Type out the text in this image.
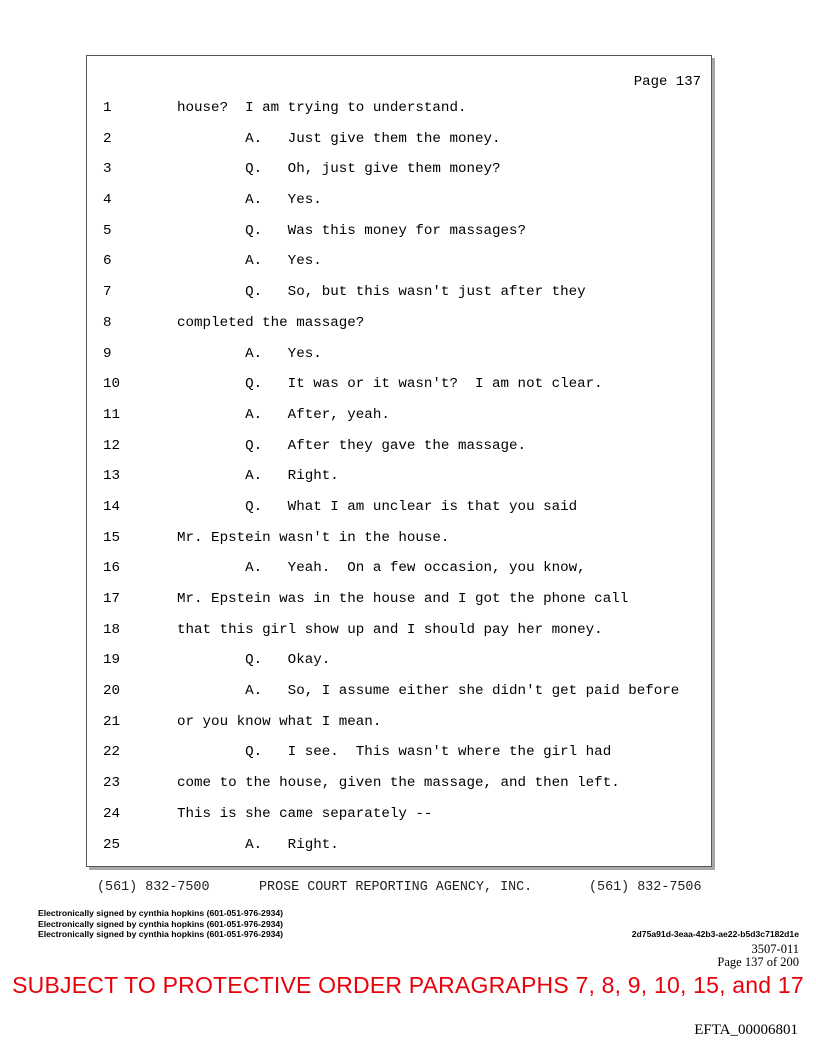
Page 137
1	house?  I am trying to understand.
2	A.   Just give them the money.
3	Q.   Oh, just give them money?
4	A.   Yes.
5	Q.   Was this money for massages?
6	A.   Yes.
7	Q.   So, but this wasn't just after they
8	completed the massage?
9	A.   Yes.
10	Q.   It was or it wasn't?  I am not clear.
11	A.   After, yeah.
12	Q.   After they gave the massage.
13	A.   Right.
14	Q.   What I am unclear is that you said
15	Mr. Epstein wasn't in the house.
16	A.   Yeah.  On a few occasion, you know,
17	Mr. Epstein was in the house and I got the phone call
18	that this girl show up and I should pay her money.
19	Q.   Okay.
20	A.   So, I assume either she didn't get paid before
21	or you know what I mean.
22	Q.   I see.  This wasn't where the girl had
23	come to the house, given the massage, and then left.
24	This is she came separately --
25	A.   Right.
(561) 832-7500	PROSE COURT REPORTING AGENCY, INC.	(561) 832-7506
Electronically signed by cynthia hopkins (601-051-976-2934)
Electronically signed by cynthia hopkins (601-051-976-2934)
Electronically signed by cynthia hopkins (601-051-976-2934)	2d75a91d-3eaa-42b3-ae22-b5d3c7182d1e
3507-011
Page 137 of 200
SUBJECT TO PROTECTIVE ORDER PARAGRAPHS 7, 8, 9, 10, 15, and 17
EFTA_00006801
